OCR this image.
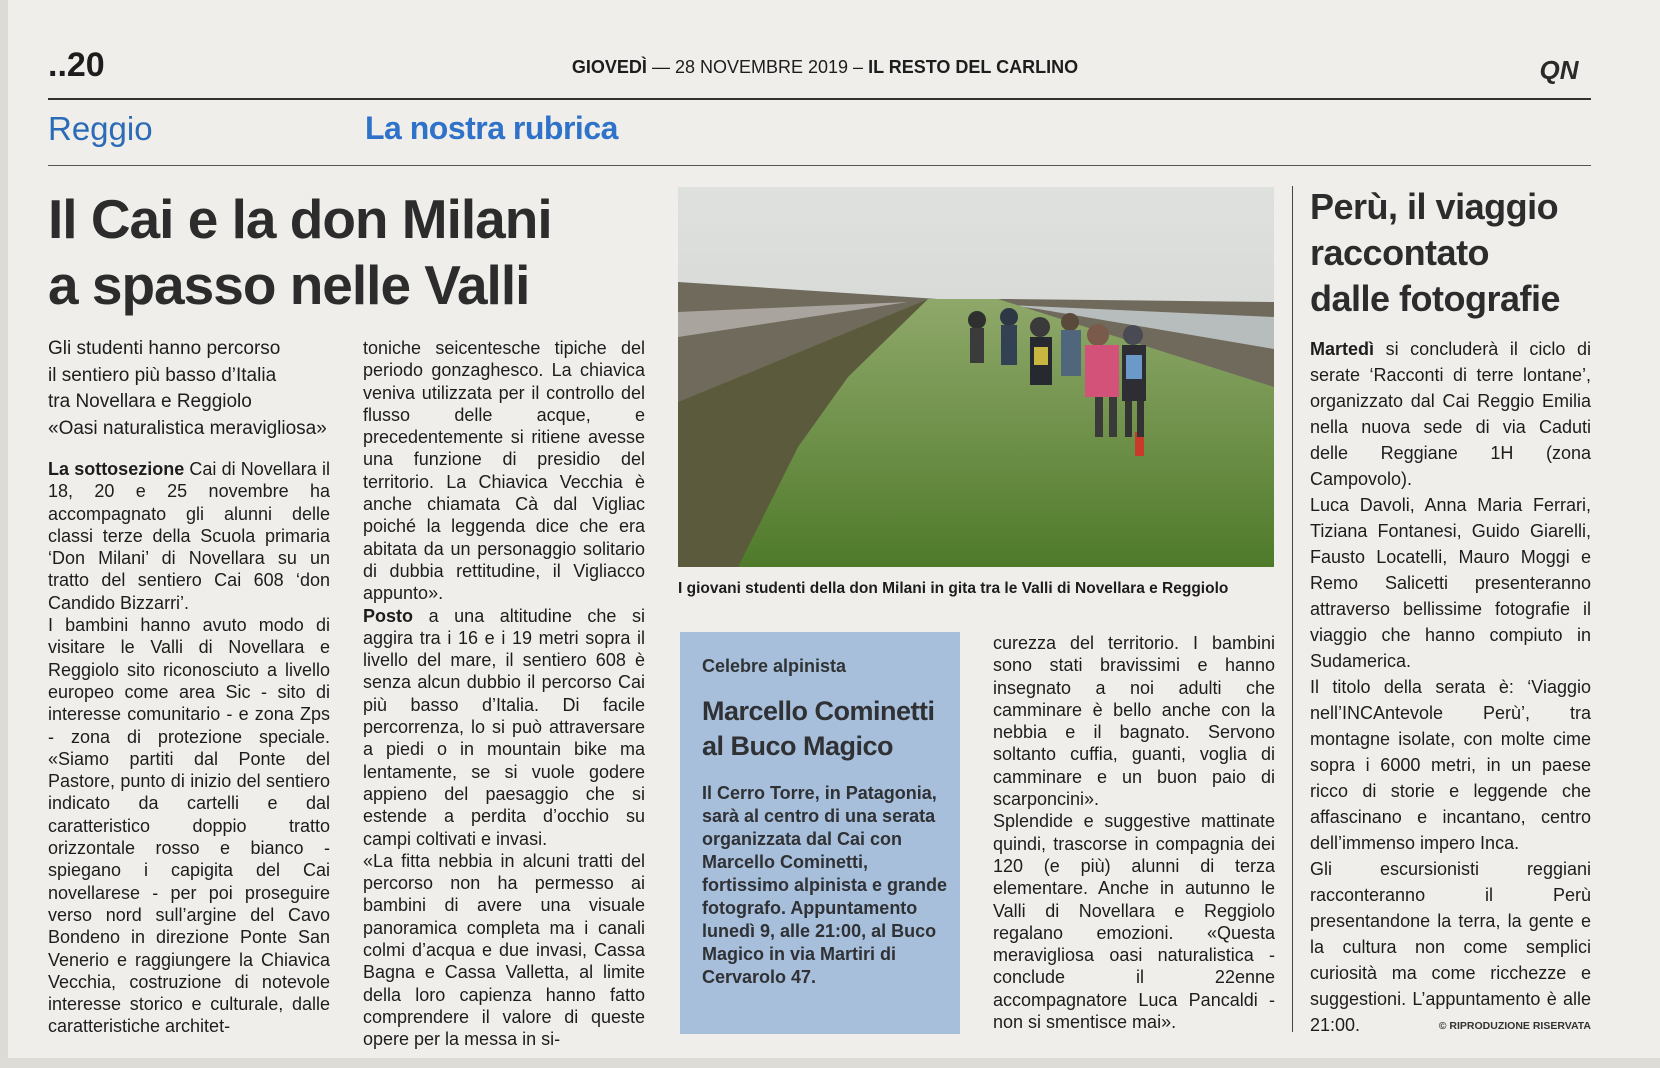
..20	GIOVEDÌ — 28 NOVEMBRE 2019 – IL RESTO DEL CARLINO	QN
Reggio	La nostra rubrica
Il Cai e la don Milani
a spasso nelle Valli
Gli studenti hanno percorso
il sentiero più basso d’Italia
tra Novellara e Reggiolo
«Oasi naturalistica meravigliosa»

La sottosezione Cai di Novellara il 18, 20 e 25 novembre ha accompagnato gli alunni delle classi terze della Scuola primaria ‘Don Milani’ di Novellara su un tratto del sentiero Cai 608 ‘don Candido Bizzarri’.

I bambini hanno avuto modo di visitare le Valli di Novellara e Reggiolo sito riconosciuto a livello europeo come area Sic - sito di interesse comunitario - e zona Zps - zona di protezione speciale. «Siamo partiti dal Ponte del Pastore, punto di inizio del sentiero indicato da cartelli e dal caratteristico doppio tratto orizzontale rosso e bianco - spiegano i capigita del Cai novellarese - per poi proseguire verso nord sull’argine del Cavo Bondeno in direzione Ponte San Venerio e raggiungere la Chiavica Vecchia, costruzione di notevole interesse storico e culturale, dalle caratteristiche architet-

toniche seicentesche tipiche del periodo gonzaghesco. La chiavica veniva utilizzata per il controllo del flusso delle acque, e precedentemente si ritiene avesse una funzione di presidio del territorio. La Chiavica Vecchia è anche chiamata Cà dal Vigliac poiché la leggenda dice che era abitata da un personaggio solitario di dubbia rettitudine, il Vigliacco appunto».

Posto a una altitudine che si aggira tra i 16 e i 19 metri sopra il livello del mare, il sentiero 608 è senza alcun dubbio il percorso Cai più basso d’Italia. Di facile percorrenza, lo si può attraversare a piedi o in mountain bike ma lentamente, se si vuole godere appieno del paesaggio che si estende a perdita d’occhio su campi coltivati e invasi.

«La fitta nebbia in alcuni tratti del percorso non ha permesso ai bambini di avere una visuale panoramica completa ma i canali colmi d’acqua e due invasi, Cassa Bagna e Cassa Valletta, al limite della loro capienza hanno fatto comprendere il valore di queste opere per la messa in si-

I giovani studenti della don Milani in gita tra le Valli di Novellara e Reggiolo
Celebre alpinista
Marcello Cominetti
al Buco Magico

Il Cerro Torre, in Patagonia, sarà al centro di una serata organizzata dal Cai con Marcello Cominetti, fortissimo alpinista e grande fotografo. Appuntamento lunedì 9, alle 21:00, al Buco Magico in via Martiri di Cervarolo 47.

curezza del territorio. I bambini sono stati bravissimi e hanno insegnato a noi adulti che camminare è bello anche con la nebbia e il bagnato. Servono soltanto cuffia, guanti, voglia di camminare e un buon paio di scarponcini».

Splendide e suggestive mattinate quindi, trascorse in compagnia dei 120 (e più) alunni di terza elementare. Anche in autunno le Valli di Novellara e Reggiolo regalano emozioni. «Questa meravigliosa oasi naturalistica - conclude il 22enne accompagnatore Luca Pancaldi - non si smentisce mai».

Perù, il viaggio
raccontato
dalle fotografie

Martedì si concluderà il ciclo di serate ‘Racconti di terre lontane’, organizzato dal Cai Reggio Emilia nella nuova sede di via Caduti delle Reggiane 1H (zona Campovolo).

Luca Davoli, Anna Maria Ferrari, Tiziana Fontanesi, Guido Giarelli, Fausto Locatelli, Mauro Moggi e Remo Salicetti presenteranno attraverso bellissime fotografie il viaggio che hanno compiuto in Sudamerica.

Il titolo della serata è: ‘Viaggio nell’INCAntevole Perù’, tra montagne isolate, con molte cime sopra i 6000 metri, in un paese ricco di storie e leggende che affascinano e incantano, centro dell’immenso impero Inca.

Gli escursionisti reggiani racconteranno il Perù presentandone la terra, la gente e la cultura non come semplici curiosità ma come ricchezze e suggestioni. L’appuntamento è alle 21:00.	© RIPRODUZIONE RISERVATA
